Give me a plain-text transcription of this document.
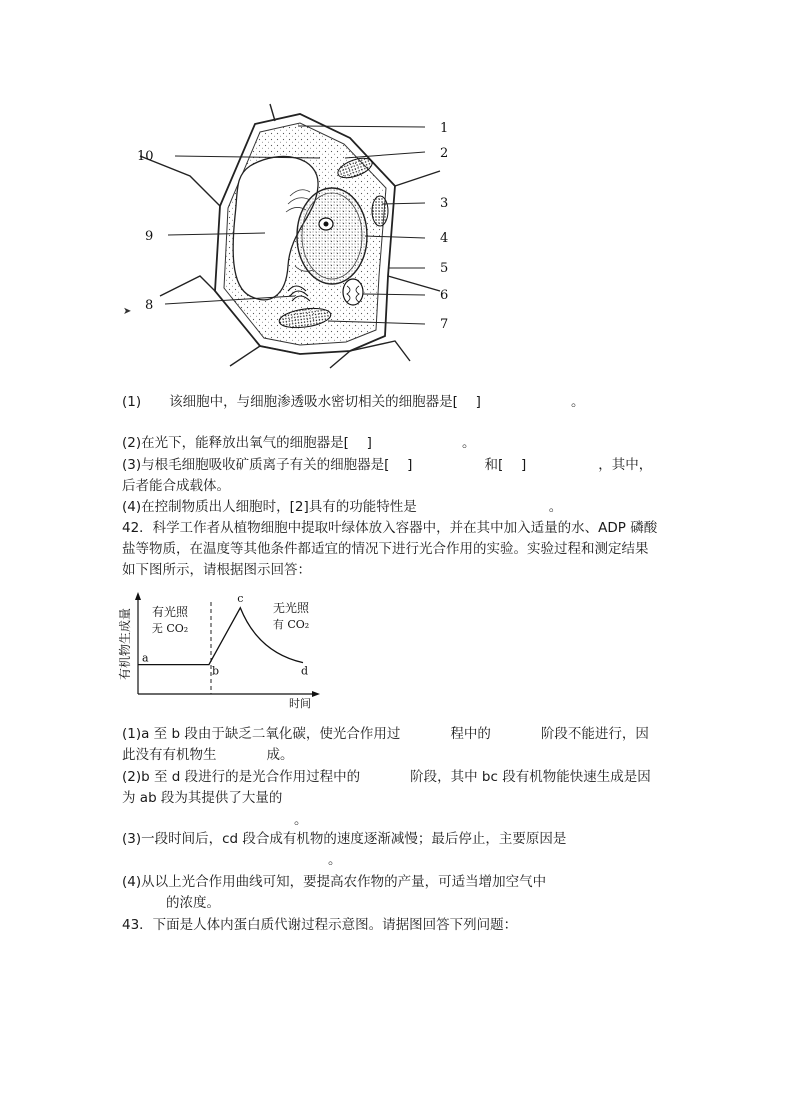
1
2
3
4
5
6
7
8
9
10
➤
(1) 该细胞中，与细胞渗透吸水密切相关的细胞器是[　 ]	。
(2)在光下，能释放出氧气的细胞器是[　 ]	。
(3)与根毛细胞吸收矿质离子有关的细胞器是[　 ]	和[　 ]	，其中，
后者能合成载体。
(4)在控制物质出人细胞时，[2]具有的功能特性是	。
42．科学工作者从植物细胞中提取叶绿体放入容器中，并在其中加入适量的水、ADP 磷酸
盐等物质，在温度等其他条件都适宜的情况下进行光合作用的实验。实验过程和测定结果
如下图所示，请根据图示回答：
有机物生成量
时间
有光照
无 CO₂
无光照
有 CO₂
a
b
c
d
(1)a 至 b 段由于缺乏二氧化碳，使光合作用过	程中的	阶段不能进行，因
此没有有机物生	成。
(2)b 至 d 段进行的是光合作用过程中的	阶段，其中 bc 段有机物能快速生成是因
为 ab 段为其提供了大量的
。
(3)一段时间后，cd 段合成有机物的速度逐渐减慢；最后停止，主要原因是
。
(4)从以上光合作用曲线可知，要提高农作物的产量，可适当增加空气中
的浓度。
43．下面是人体内蛋白质代谢过程示意图。请据图回答下列问题：
